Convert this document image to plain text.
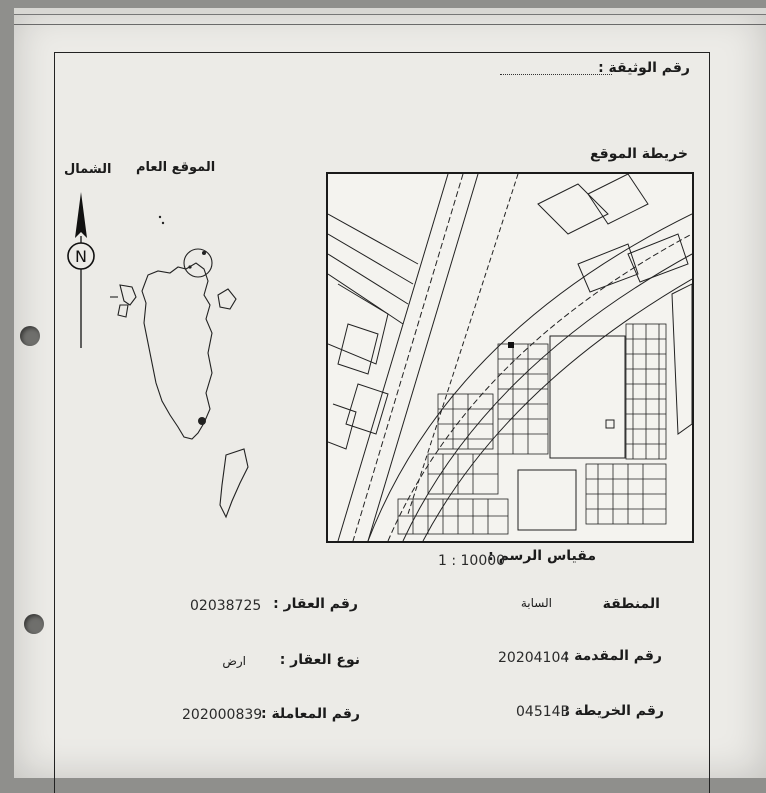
رقم الوثيقة :
خريطة الموقع
الموقع العام
الشمال
N
مقياس الرسم :
1 : 10000
المنطقة
السابة
رقم المقدمة :
20204104
رقم الخريطة :
04514B
رقم العقار :
02038725
نوع العقار :
ارض
رقم المعاملة :
202000839
